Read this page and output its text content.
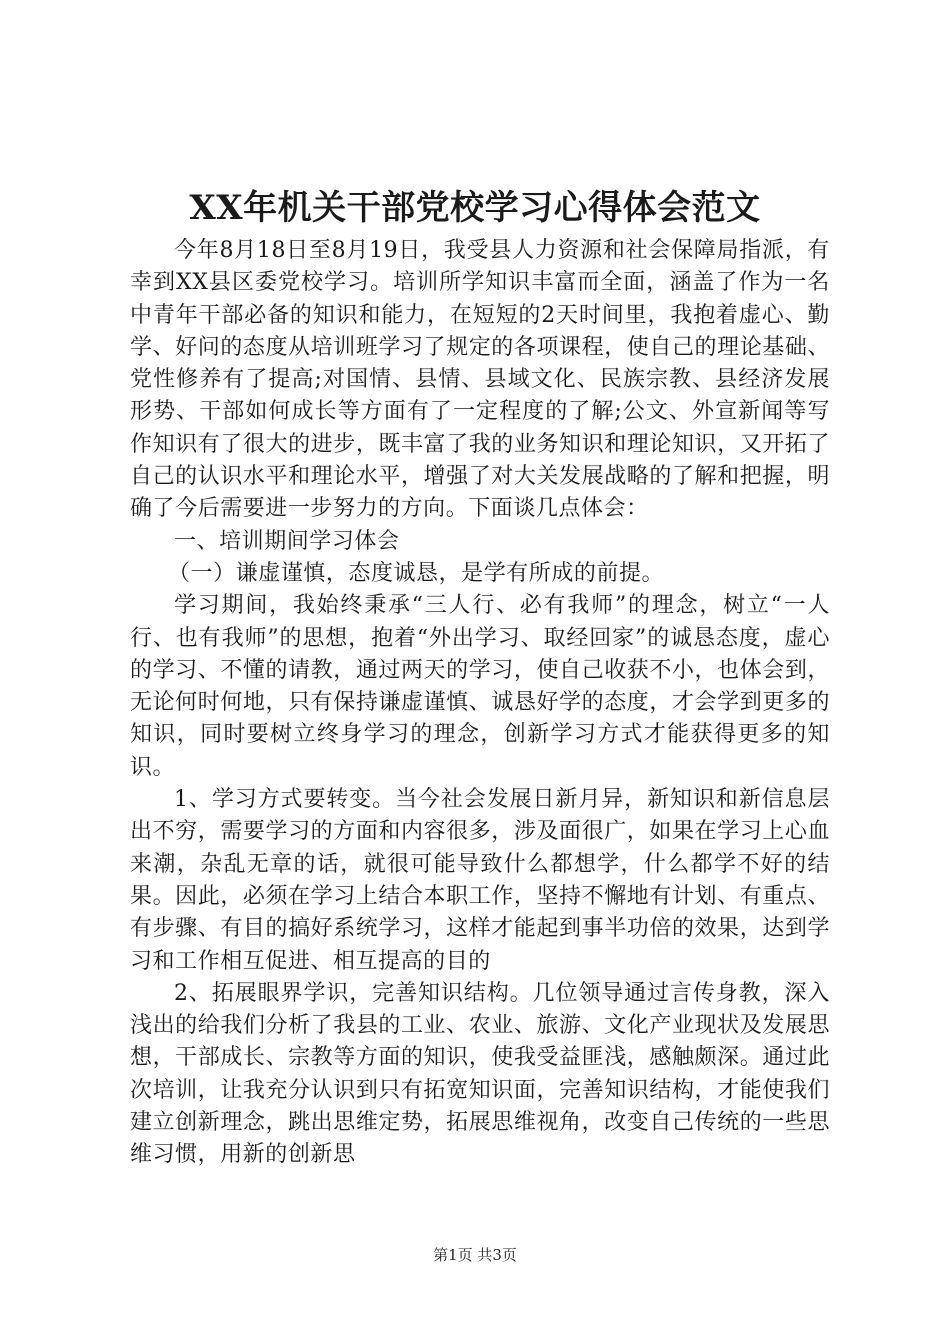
XX年机关干部党校学习心得体会范文

今年8月18日至8月19日，我受县人力资源和社会保障局指派，有幸到XX县区委党校学习。培训所学知识丰富而全面，涵盖了作为一名中青年干部必备的知识和能力，在短短的2天时间里，我抱着虚心、勤学、好问的态度从培训班学习了规定的各项课程，使自己的理论基础、党性修养有了提高;对国情、县情、县域文化、民族宗教、县经济发展形势、干部如何成长等方面有了一定程度的了解;公文、外宣新闻等写作知识有了很大的进步，既丰富了我的业务知识和理论知识，又开拓了自己的认识水平和理论水平，增强了对大关发展战略的了解和把握，明确了今后需要进一步努力的方向。下面谈几点体会：

一、培训期间学习体会

（一）谦虚谨慎，态度诚恳，是学有所成的前提。

学习期间，我始终秉承“三人行、必有我师”的理念，树立“一人行、也有我师”的思想，抱着“外出学习、取经回家”的诚恳态度，虚心的学习、不懂的请教，通过两天的学习，使自己收获不小，也体会到，无论何时何地，只有保持谦虚谨慎、诚恳好学的态度，才会学到更多的知识，同时要树立终身学习的理念，创新学习方式才能获得更多的知识。

1、学习方式要转变。当今社会发展日新月异，新知识和新信息层出不穷，需要学习的方面和内容很多，涉及面很广，如果在学习上心血来潮，杂乱无章的话，就很可能导致什么都想学，什么都学不好的结果。因此，必须在学习上结合本职工作，坚持不懈地有计划、有重点、有步骤、有目的搞好系统学习，这样才能起到事半功倍的效果，达到学习和工作相互促进、相互提高的目的

2、拓展眼界学识，完善知识结构。几位领导通过言传身教，深入浅出的给我们分析了我县的工业、农业、旅游、文化产业现状及发展思想，干部成长、宗教等方面的知识，使我受益匪浅，感触颇深。通过此次培训，让我充分认识到只有拓宽知识面，完善知识结构，才能使我们建立创新理念，跳出思维定势，拓展思维视角，改变自己传统的一些思维习惯，用新的创新思

第1页 共3页
